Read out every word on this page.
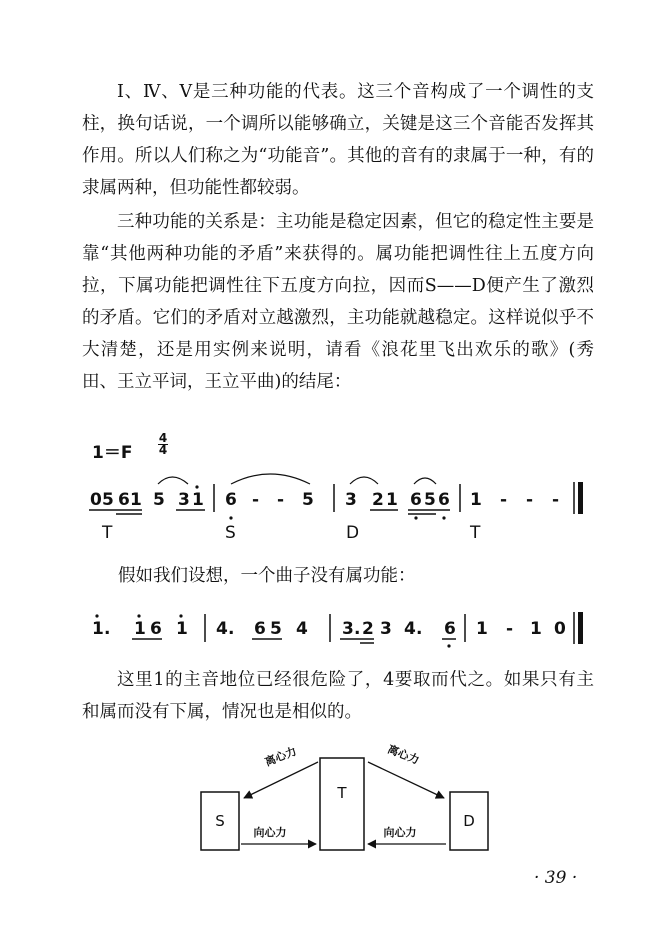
Ⅰ、Ⅳ、Ⅴ是三种功能的代表。这三个音构成了一个调性的支柱，换句话说，一个调所以能够确立，关键是这三个音能否发挥其作用。所以人们称之为“功能音”。其他的音有的隶属于一种，有的隶属两种，但功能性都较弱。
三种功能的关系是：主功能是稳定因素，但它的稳定性主要是靠“其他两种功能的矛盾”来获得的。属功能把调性往上五度方向拉，下属功能把调性往下五度方向拉，因而S——D便产生了激烈的矛盾。它们的矛盾对立越激烈，主功能就越稳定。这样说似乎不大清楚，还是用实例来说明，请看《浪花里飞出欢乐的歌》(秀田、王立平词，王立平曲)的结尾：
1＝F
4
4
0 5 6 1 5 3 1 6 - - 5 3 2 1 6 5 6 1 - - -
T	S	D	T
假如我们设想，一个曲子没有属功能：
1 . 1 6 1 4 . 6 5 4 3 . 2 3 4 . 6 1 - 1 0
这里1的主音地位已经很危险了，4要取而代之。如果只有主和属而没有下属，情况也是相似的。
S
T
D
离心力	离心力
向心力	向心力
· 39 ·
